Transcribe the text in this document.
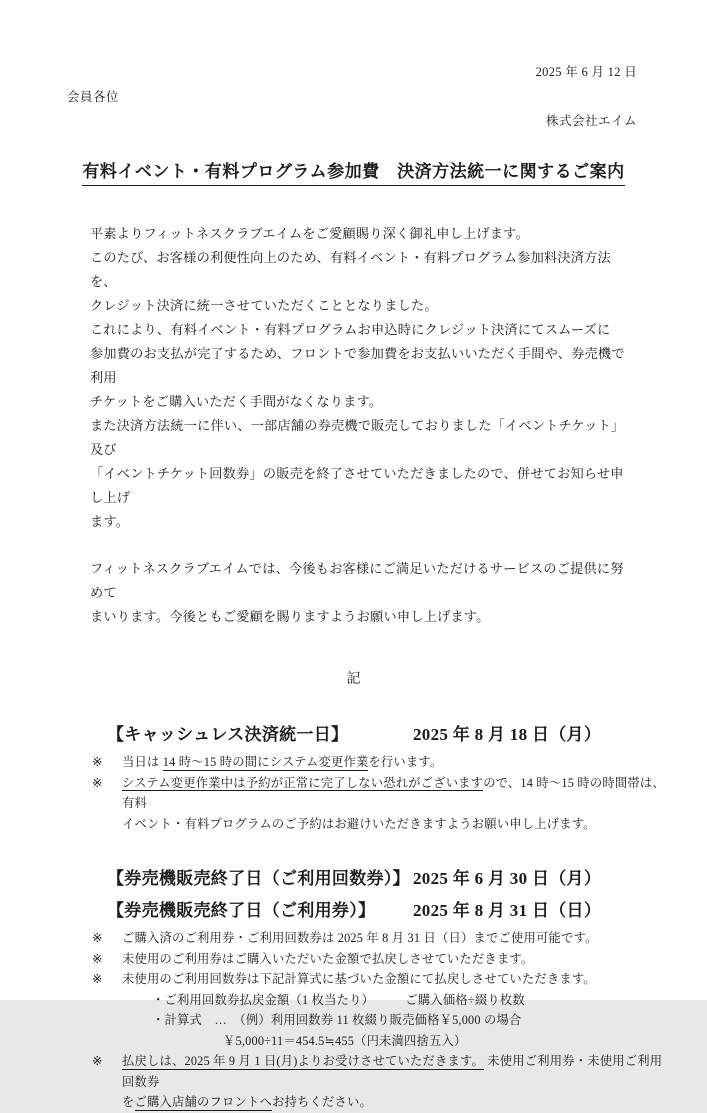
2025 年 6 月 12 日
会員各位
株式会社エイム
有料イベント・有料プログラム参加費　決済方法統一に関するご案内
平素よりフィットネスクラブエイムをご愛顧賜り深く御礼申し上げます。
このたび、お客様の利便性向上のため、有料イベント・有料プログラム参加料決済方法を、
クレジット決済に統一させていただくこととなりました。
これにより、有料イベント・有料プログラムお申込時にクレジット決済にてスムーズに
参加費のお支払が完了するため、フロントで参加費をお支払いいただく手間や、券売機で利用
チケットをご購入いただく手間がなくなります。
また決済方法統一に伴い、一部店舗の券売機で販売しておりました「イベントチケット」及び
「イベントチケット回数券」の販売を終了させていただきましたので、併せてお知らせ申し上げ
ます。
フィットネスクラブエイムでは、今後もお客様にご満足いただけるサービスのご提供に努めて
まいります。今後ともご愛顧を賜りますようお願い申し上げます。
記
【キャッシュレス決済統一日】	2025 年 8 月 18 日（月）
※	当日は 14 時～15 時の間にシステム変更作業を行います。
※	システム変更作業中は予約が正常に完了しない恐れがございますので、14 時～15 時の時間帯は、有料
イベント・有料プログラムのご予約はお避けいただきますようお願い申し上げます。
【券売機販売終了日（ご利用回数券）】 2025 年 6 月 30 日（月）
【券売機販売終了日（ご利用券）】	2025 年 8 月 31 日（日）
※	ご購入済のご利用券・ご利用回数券は 2025 年 8 月 31 日（日）までご使用可能です。
※	未使用のご利用券はご購入いただいた金額で払戻しさせていただきます。
※	未使用のご利用回数券は下記計算式に基づいた金額にて払戻しさせていただきます。
・ご利用回数券払戻金額（1 枚当たり）　　　ご購入価格÷綴り枚数
・計算式　…　（例）利用回数券 11 枚綴り販売価格￥5,000 の場合
￥5,000÷11＝454.5≒455（円未満四捨五入）
※	払戻しは、2025 年 9 月 1 日(月)よりお受けさせていただきます。 未使用ご利用券・未使用ご利用回数券
をご購入店舗のフロントへお持ちください。
